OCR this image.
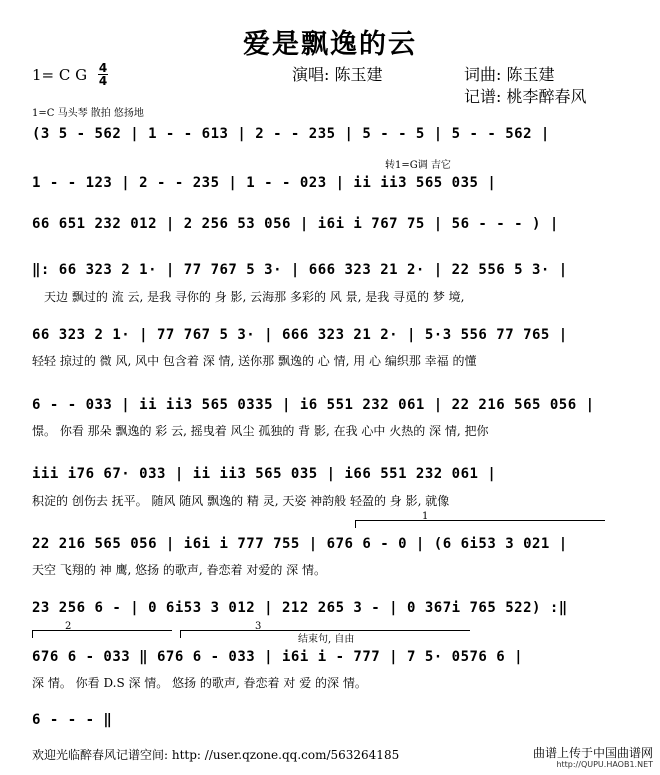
爱是飘逸的云
1= C G 4
4	演唱: 陈玉建	词曲: 陈玉建
记谱: 桃李醉春风
1=C 马头琴 散拍 悠扬地
转1=G调 吉它
结束句, 自由
1
2	3
(3 5 - 562 | 1 - - 613 | 2 - - 235 | 5 - - 5 | 5 - - 562 |
1 - - 123 | 2 - - 235 | 1 - - 023 | ii ii3 565 035 |
66 651 232 012 | 2 256 53 056 | i6i i 767 75 | 56 - - - ) |
‖: 66 323 2 1· | 77 767 5 3· | 666 323 21 2· | 22 556 5 3· |
天边 飘过的 流 云, 是我 寻你的 身 影, 云海那 多彩的 风 景, 是我 寻觅的 梦 境,
66 323 2 1· | 77 767 5 3· | 666 323 21 2· | 5·3 556 77 765 |
轻轻 掠过的 微 风, 风中 包含着 深 情, 送你那 飘逸的 心 情, 用 心 编织那 幸福 的懂
6 - - 033 | ii ii3 565 0335 | i6 551 232 061 | 22 216 565 056 |
憬。 你看 那朵 飘逸的 彩 云, 摇曳着 风尘 孤独的 背 影, 在我 心中 火热的 深 情, 把你
iii i76 67· 033 | ii ii3 565 035 | i66 551 232 061 |
积淀的 创伤去 抚平。 随风 随风 飘逸的 精 灵, 天姿 神韵般 轻盈的 身 影, 就像
22 216 565 056 | i6i i 777 755 | 676 6 - 0 | (6 6i53 3 021 |
天空 飞翔的 神 鹰, 悠扬 的歌声, 眷恋着 对爱的 深 情。
23 256 6 - | 0 6i53 3 012 | 212 265 3 - | 0 367i 765 522) :‖
676 6 - 033 ‖ 676 6 - 033 | i6i i - 777 | 7 5· 0576 6 |
深 情。 你看 D.S 深 情。 悠扬 的歌声, 眷恋着 对 爱 的深 情。
6 - - - ‖
欢迎光临醉春风记谱空间: http: //user.qzone.qq.com/563264185	曲谱上传于中国曲谱网
http://QUPU.HAOB1.NET
